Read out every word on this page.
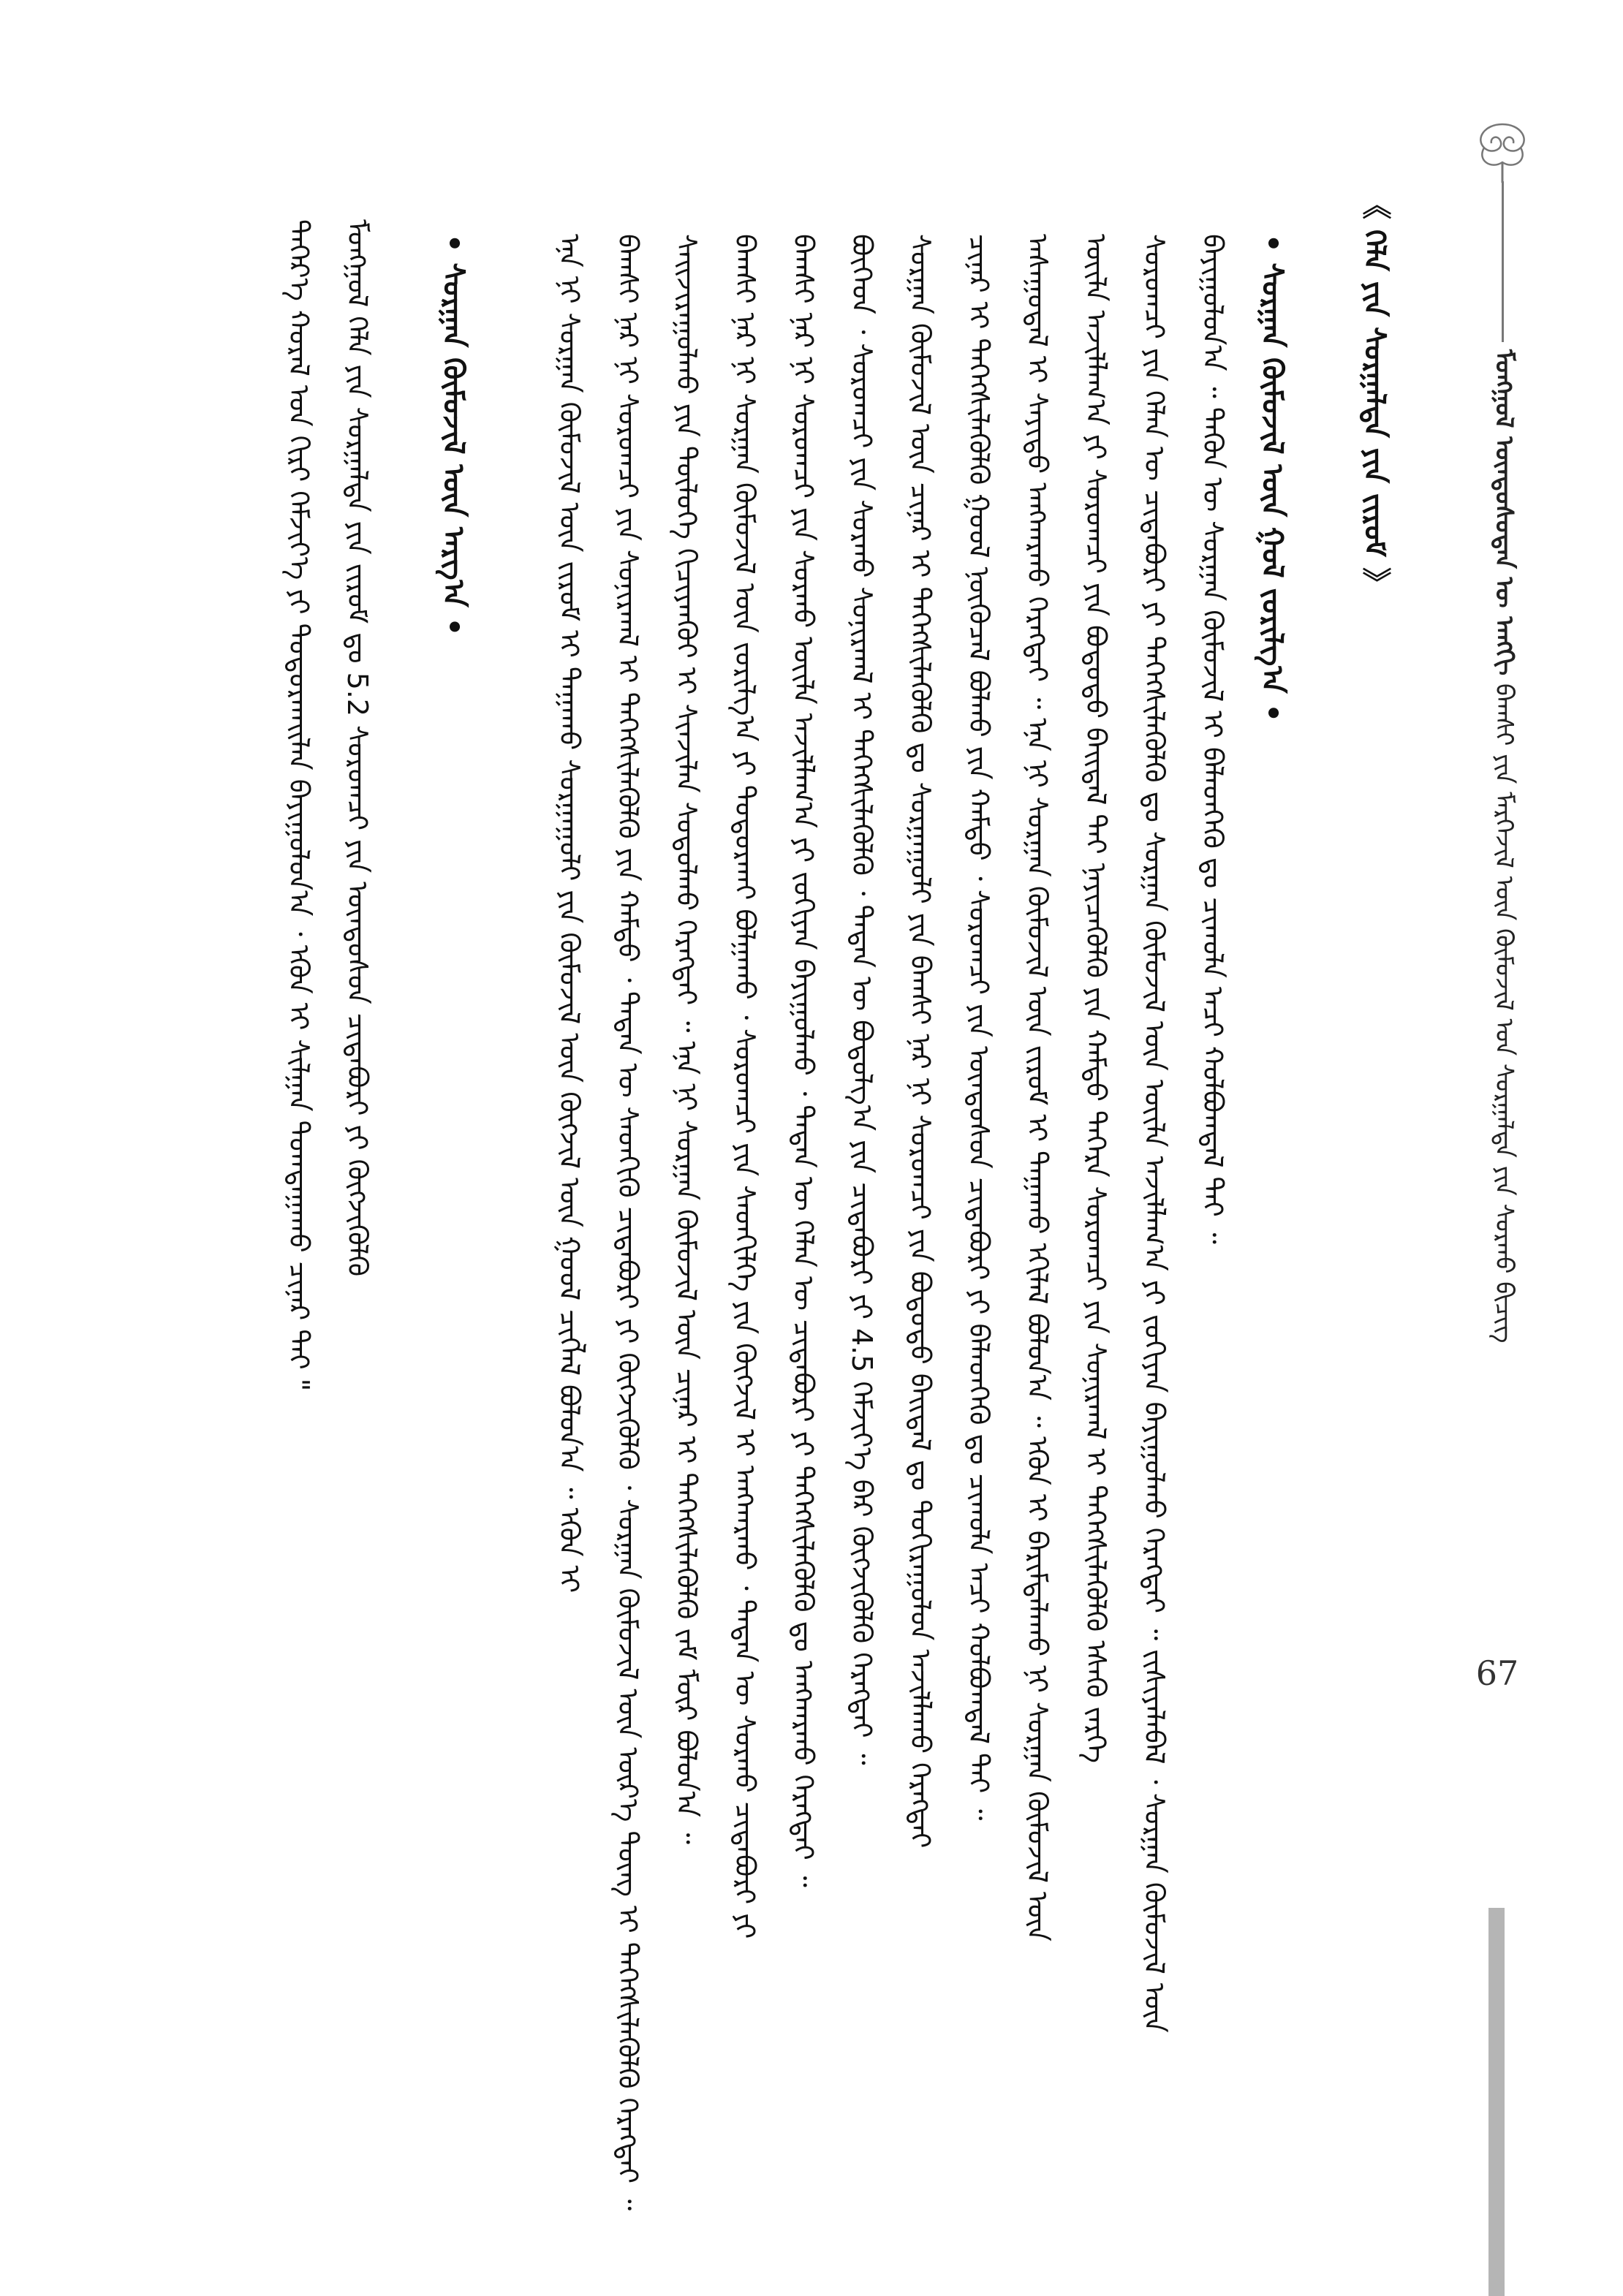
ᠮᠣᠩᠭᠣᠯ ᠦᠨᠳᠦᠰᠦᠲᠡᠨ ᠦ ᠠᠩᠭᠢ ᠪᠠᠭᠰᠢ ᠶᠢᠨ ᠮᠡᠷᠭᠡᠵᠢᠯ ᠦᠨ ᠬᠦᠮᠦᠵᠢᠯ ᠤᠨ ᠰᠤᠷᠭᠠᠯᠲᠠ ᠶᠢᠨ ᠰᠤᠷᠬᠤ ᠪᠢᠴᠢᠭ
《 ᠬᠡᠯᠡ ᠶᠢᠨ ᠰᠤᠷᠭᠠᠯᠲᠠ ᠶᠢᠨ ᠵᠢᠷᠤᠮ 》
• ᠰᠤᠷᠭᠠᠨ ᠬᠦᠮᠦᠵᠢᠯ ᠦᠨ ᠭᠣᠯ ᠵᠣᠷᠢᠯᠭ᠎ᠠ •
ᠪᠠᠶᠢᠭᠤᠯᠤᠨ᠎ᠠ ᠃ ᠲᠡᠭᠦᠨ ᠦ ᠰᠤᠷᠭᠠᠨ ᠬᠦᠮᠦᠵᠢᠯ ᠢ ᠪᠡᠯᠡᠳᠬᠡᠬᠦ ᠳᠤ ᠴᠢᠬᠤᠯᠠ ᠠᠴᠢ ᠬᠣᠯᠪᠣᠭᠳᠠᠯ ᠲᠠᠢ ᠃
ᠰᠤᠷᠤᠭᠴᠢ ᠶᠢᠨ ᠬᠡᠯᠡᠨ ᠦ ᠴᠢᠳᠠᠪᠤᠷᠢ ᠶᠢ ᠳᠡᠭᠡᠭᠰᠢᠯᠡᠭᠦᠯᠬᠦ ᠳᠤ ᠰᠤᠷᠭᠠᠨ ᠬᠦᠮᠦᠵᠢᠯ ᠦᠨ ᠦᠢᠯᠡ ᠠᠵᠢᠯᠯᠠᠭ᠎ᠠ ᠶᠢ ᠵᠣᠬᠢᠶᠠᠨ ᠪᠠᠶᠢᠭᠤᠯᠬᠤ ᠬᠡᠷᠡᠭᠲᠡᠢ ᠃ ᠵᠢᠱᠢᠶᠡᠯᠡᠪᠡᠯ ᠂ ᠰᠤᠷᠭᠠᠨ ᠬᠦᠮᠦᠵᠢᠯ ᠦᠨ
ᠦᠢᠯᠡ ᠠᠵᠢᠯᠯᠠᠭ᠎ᠠ ᠶᠢ ᠰᠤᠷᠤᠭᠴᠢ ᠶᠢᠨ ᠪᠣᠳᠤᠲᠤ ᠪᠠᠢᠳᠠᠯ ᠲᠠᠢ ᠨᠡᠶᠢᠴᠡᠭᠦᠯᠬᠦ ᠶᠢᠨ ᠬᠠᠮᠲᠤ ᠳᠡᠭᠡᠷᠡ ᠰᠤᠷᠤᠭᠴᠢ ᠶᠢᠨ ᠰᠣᠨᠢᠷᠬᠠᠯ ᠢ ᠳᠡᠭᠡᠭᠰᠢᠯᠡᠭᠦᠯᠬᠦ ᠡᠰᠡᠬᠦ ᠵᠡᠷᠭᠡ
ᠠᠰᠠᠭᠤᠳᠠᠯ ᠢ ᠰᠠᠶᠢᠲᠤ ᠠᠩᠬᠠᠷᠬᠤ ᠬᠡᠷᠡᠭᠲᠡᠢ ᠃ ᠡᠨᠡ ᠨᠢ ᠰᠤᠷᠭᠠᠨ ᠬᠦᠮᠦᠵᠢᠯ ᠦᠨ ᠵᠢᠷᠤᠮ ᠢ ᠳᠠᠭᠠᠬᠤ ᠡᠬᠢᠯᠡᠯ ᠪᠣᠯᠤᠨ᠎ᠠ ᠃ ᠡᠭᠦᠨ ᠢ ᠪᠠᠷᠢᠮᠲᠠᠯᠠᠬᠤ ᠨᠢ ᠰᠤᠷᠭᠠᠨ ᠬᠦᠮᠦᠵᠢᠯ ᠦᠨ
ᠴᠢᠨᠠᠷ ᠢ ᠳᠡᠭᠡᠭᠰᠢᠯᠡᠭᠦᠯᠬᠦ ᠭᠣᠤᠯ ᠨᠥᠬᠦᠴᠡᠯ ᠪᠣᠯᠬᠤ ᠶᠢᠨ ᠬᠠᠮᠲᠤ ᠂ ᠰᠤᠷᠤᠭᠴᠢ ᠶᠢᠨ ᠦᠨᠳᠦᠰᠦᠨ ᠴᠢᠳᠠᠪᠤᠷᠢ ᠶᠢ ᠪᠡᠯᠡᠳᠬᠡᠬᠦ ᠳᠤ ᠴᠢᠬᠤᠯᠠ ᠠᠴᠢ ᠬᠣᠯᠪᠣᠭᠳᠠᠯ ᠲᠠᠢ ᠃
ᠰᠤᠷᠭᠠᠨ ᠬᠦᠮᠦᠵᠢᠯ ᠦᠨ ᠴᠢᠨᠠᠷ ᠢ ᠳᠡᠭᠡᠭᠰᠢᠯᠡᠭᠦᠯᠬᠦ ᠳᠤ ᠰᠤᠷᠭᠠᠭᠤᠯᠢ ᠶᠢᠨ ᠪᠠᠭᠰᠢ ᠨᠠᠷ ᠨᠢ ᠰᠤᠷᠤᠭᠴᠢ ᠶᠢᠨ ᠪᠣᠳᠤᠲᠤ ᠪᠠᠢᠳᠠᠯ ᠳᠤ ᠲᠣᠬᠢᠷᠠᠭᠤᠯᠤᠨ ᠠᠵᠢᠯᠯᠠᠬᠤ ᠬᠡᠷᠡᠭᠲᠡᠢ
ᠪᠥᠭᠡᠳ ᠂ ᠰᠤᠷᠤᠭᠴᠢ ᠶᠢᠨ ᠰᠤᠷᠬᠤ ᠰᠣᠨᠢᠷᠬᠠᠯ ᠢ ᠳᠡᠭᠡᠭᠰᠢᠯᠡᠭᠦᠯᠬᠦ ᠂ ᠲᠡᠳᠡᠨ ᠦ ᠪᠣᠳᠣᠯᠭ᠎ᠠ ᠶᠢᠨ ᠴᠢᠳᠠᠪᠤᠷᠢ ᠶᠢ 4.5 ᠬᠡᠮᠵᠢᠶ᠎ᠡ ᠪᠡᠷ ᠬᠦᠭᠵᠢᠭᠦᠯᠬᠦ ᠬᠡᠷᠡᠭᠲᠡᠢ ᠃
ᠪᠠᠭᠰᠢ ᠨᠠᠷ ᠨᠢ ᠰᠤᠷᠤᠭᠴᠢ ᠶᠢᠨ ᠰᠤᠷᠬᠤ ᠦᠢᠯᠡ ᠠᠵᠢᠯᠯᠠᠭ᠎ᠠ ᠶᠢ ᠵᠣᠬᠢᠶᠠᠨ ᠪᠠᠶᠢᠭᠤᠯᠬᠤ ᠂ ᠲᠡᠳᠡᠨ ᠦ ᠬᠡᠯᠡᠨ ᠦ ᠴᠢᠳᠠᠪᠤᠷᠢ ᠶᠢ ᠳᠡᠭᠡᠭᠰᠢᠯᠡᠭᠦᠯᠬᠦ ᠳᠤ ᠠᠩᠬᠠᠷᠬᠤ ᠬᠡᠷᠡᠭᠲᠡᠢ ᠃
ᠪᠠᠭᠰᠢ ᠨᠠᠷ ᠨᠢ ᠰᠤᠷᠭᠠᠨ ᠬᠦᠮᠦᠵᠢᠯ ᠦᠨ ᠵᠣᠷᠢᠯᠭ᠎ᠠ ᠶᠢ ᠲᠣᠳᠣᠷᠬᠠᠢ ᠪᠣᠯᠭᠠᠬᠤ ᠂ ᠰᠤᠷᠤᠭᠴᠢ ᠶᠢᠨ ᠰᠡᠳᠬᠢᠯᠭᠡ ᠶᠢᠨ ᠬᠥᠭᠵᠢᠯ ᠢ ᠠᠩᠬᠠᠷᠬᠤ ᠂ ᠲᠡᠳᠡᠨ ᠦ ᠰᠤᠷᠬᠤ ᠴᠢᠳᠠᠪᠤᠷᠢ ᠶᠢ
ᠰᠠᠢᠵᠢᠷᠠᠭᠤᠯᠬᠤ ᠶᠢᠨ ᠲᠥᠯᠥᠭᠡ ᠬᠢᠴᠢᠶᠡᠨᠭᠦᠶ ᠢ ᠰᠢᠨᠵᠢᠯᠡᠨ ᠰᠤᠳᠤᠯᠬᠤ ᠬᠡᠷᠡᠭᠲᠡᠢ ᠃ ᠡᠨᠡ ᠨᠢ ᠰᠤᠷᠭᠠᠨ ᠬᠦᠮᠦᠵᠢᠯ ᠦᠨ ᠴᠢᠨᠠᠷ ᠢ ᠳᠡᠭᠡᠭᠰᠢᠯᠡᠭᠦᠯᠬᠦ ᠵᠠᠮ ᠮᠥᠷ ᠪᠣᠯᠤᠨ᠎ᠠ ᠃
ᠪᠠᠭᠰᠢ ᠨᠠᠷ ᠨᠢ ᠰᠤᠷᠤᠭᠴᠢ ᠶᠢᠨ ᠰᠣᠨᠢᠷᠬᠠᠯ ᠢ ᠳᠡᠭᠡᠭᠰᠢᠯᠡᠭᠦᠯᠬᠦ ᠶᠢᠨ ᠬᠠᠮᠲᠤ ᠂ ᠲᠡᠳᠡᠨ ᠦ ᠰᠡᠳᠬᠢᠬᠦ ᠴᠢᠳᠠᠪᠤᠷᠢ ᠶᠢ ᠬᠥᠭᠵᠢᠭᠦᠯᠬᠦ ᠂ ᠰᠤᠷᠭᠠᠨ ᠬᠦᠮᠦᠵᠢᠯ ᠦᠨ ᠦᠷ᠎ᠡ ᠳᠦᠩ ᠢ ᠳᠡᠭᠡᠭᠰᠢᠯᠡᠭᠦᠯᠬᠦ ᠬᠡᠷᠡᠭᠲᠡᠢ ᠃
ᠡᠨᠡ ᠨᠢ ᠰᠤᠷᠭᠠᠨ ᠬᠦᠮᠦᠵᠢᠯ ᠦᠨ ᠵᠢᠷᠤᠮ ᠢ ᠳᠠᠭᠠᠬᠤ ᠰᠤᠷᠭᠠᠭᠤᠯᠢ ᠶᠢᠨ ᠬᠦᠮᠦᠵᠢᠯ ᠦᠨ ᠬᠥᠭᠵᠢᠯ ᠦᠨ ᠭᠣᠤᠯ ᠴᠢᠭᠯᠡᠯ ᠪᠣᠯᠤᠨ᠎ᠠ ᠃ ᠡᠭᠦᠨ ᠢ
• ᠰᠤᠷᠭᠠᠨ ᠬᠦᠮᠦᠵᠢᠯ ᠦᠨ ᠠᠷᠭ᠎ᠠ •
ᠮᠣᠩᠭᠣᠯ ᠬᠡᠯᠡ ᠶᠢᠨ ᠰᠤᠷᠭᠠᠯᠲᠠ ᠶᠢᠨ ᠵᠢᠷᠤᠮ ᠳᠤ 5.2 ᠰᠤᠷᠤᠭᠴᠢ ᠶᠢᠨ ᠦᠨᠳᠦᠰᠦᠨ ᠴᠢᠳᠠᠪᠤᠷᠢ ᠶᠢ ᠬᠥᠭᠵᠢᠭᠦᠯᠬᠦ
ᠳᠡᠭᠡᠷ᠎ᠡ ᠬᠤᠷᠠᠯ ᠤᠨ ᠬᠢᠷᠢ ᠬᠡᠮᠵᠢᠶ᠎ᠡ ᠶᠢ ᠲᠣᠳᠣᠷᠬᠠᠢᠯᠠᠨ ᠪᠠᠶᠢᠭᠤᠯᠤᠨ᠎ᠠ ᠂ ᠡᠭᠦᠨ ᠢ ᠰᠢᠯᠭᠠᠨ ᠲᠣᠭᠲᠠᠭᠠᠬᠤ ᠴᠢᠨᠠᠷ ᠲᠠᠢ "
67
